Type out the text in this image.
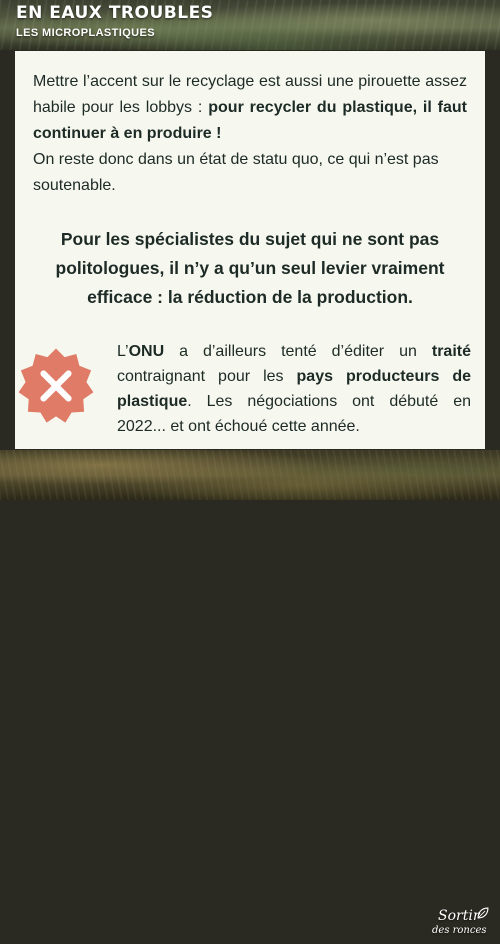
EN EAUX TROUBLES
LES MICROPLASTIQUES

Mettre l’accent sur le recyclage est aussi une pirouette assez habile pour les lobbys : pour recycler du plastique, il faut continuer à en produire !

On reste donc dans un état de statu quo, ce qui n’est pas soutenable.

Pour les spécialistes du sujet qui ne sont pas politologues, il n’y a qu’un seul levier vraiment efficace : la réduction de la production.

L’ONU a d’ailleurs tenté d’éditer un traité contraignant pour les pays producteurs de plastique. Les négociations ont débuté en 2022... et ont échoué cette année.

Sortir
des ronces
